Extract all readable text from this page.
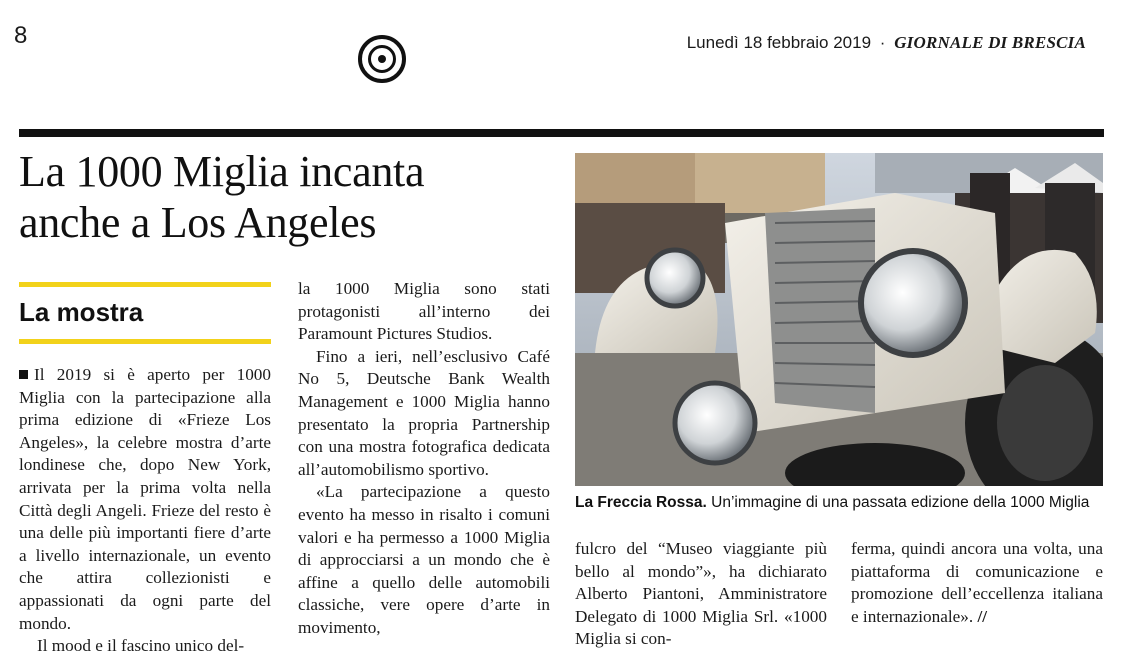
8	Lunedì 18 febbraio 2019 · GIORNALE DI BRESCIA
La 1000 Miglia incanta
anche a Los Angeles
La mostra

Il 2019 si è aperto per 1000 Miglia con la partecipazione alla prima edizione di «Frieze Los Angeles», la celebre mostra d’arte londinese che, dopo New York, arrivata per la prima volta nella Città degli Angeli. Frieze del resto è una delle più importanti fiere d’arte a livello internazionale, un evento che attira collezionisti e appassionati da ogni parte del mondo.

Il mood e il fascino unico del-

la 1000 Miglia sono stati protagonisti all’interno dei Paramount Pictures Studios.

Fino a ieri, nell’esclusivo Café No 5, Deutsche Bank Wealth Management e 1000 Miglia hanno presentato la propria Partnership con una mostra fotografica dedicata all’automobilismo sportivo.

«La partecipazione a questo evento ha messo in risalto i comuni valori e ha permesso a 1000 Miglia di approcciarsi a un mondo che è affine a quello delle automobili classiche, vere opere d’arte in movimento,

La Freccia Rossa. Un’immagine di una passata edizione della 1000 Miglia

fulcro del “Museo viaggiante più bello al mondo”», ha dichiarato Alberto Piantoni, Amministratore Delegato di 1000 Miglia Srl. «1000 Miglia si con-

ferma, quindi ancora una volta, una piattaforma di comunicazione e promozione dell’eccellenza italiana e internazionale». //
